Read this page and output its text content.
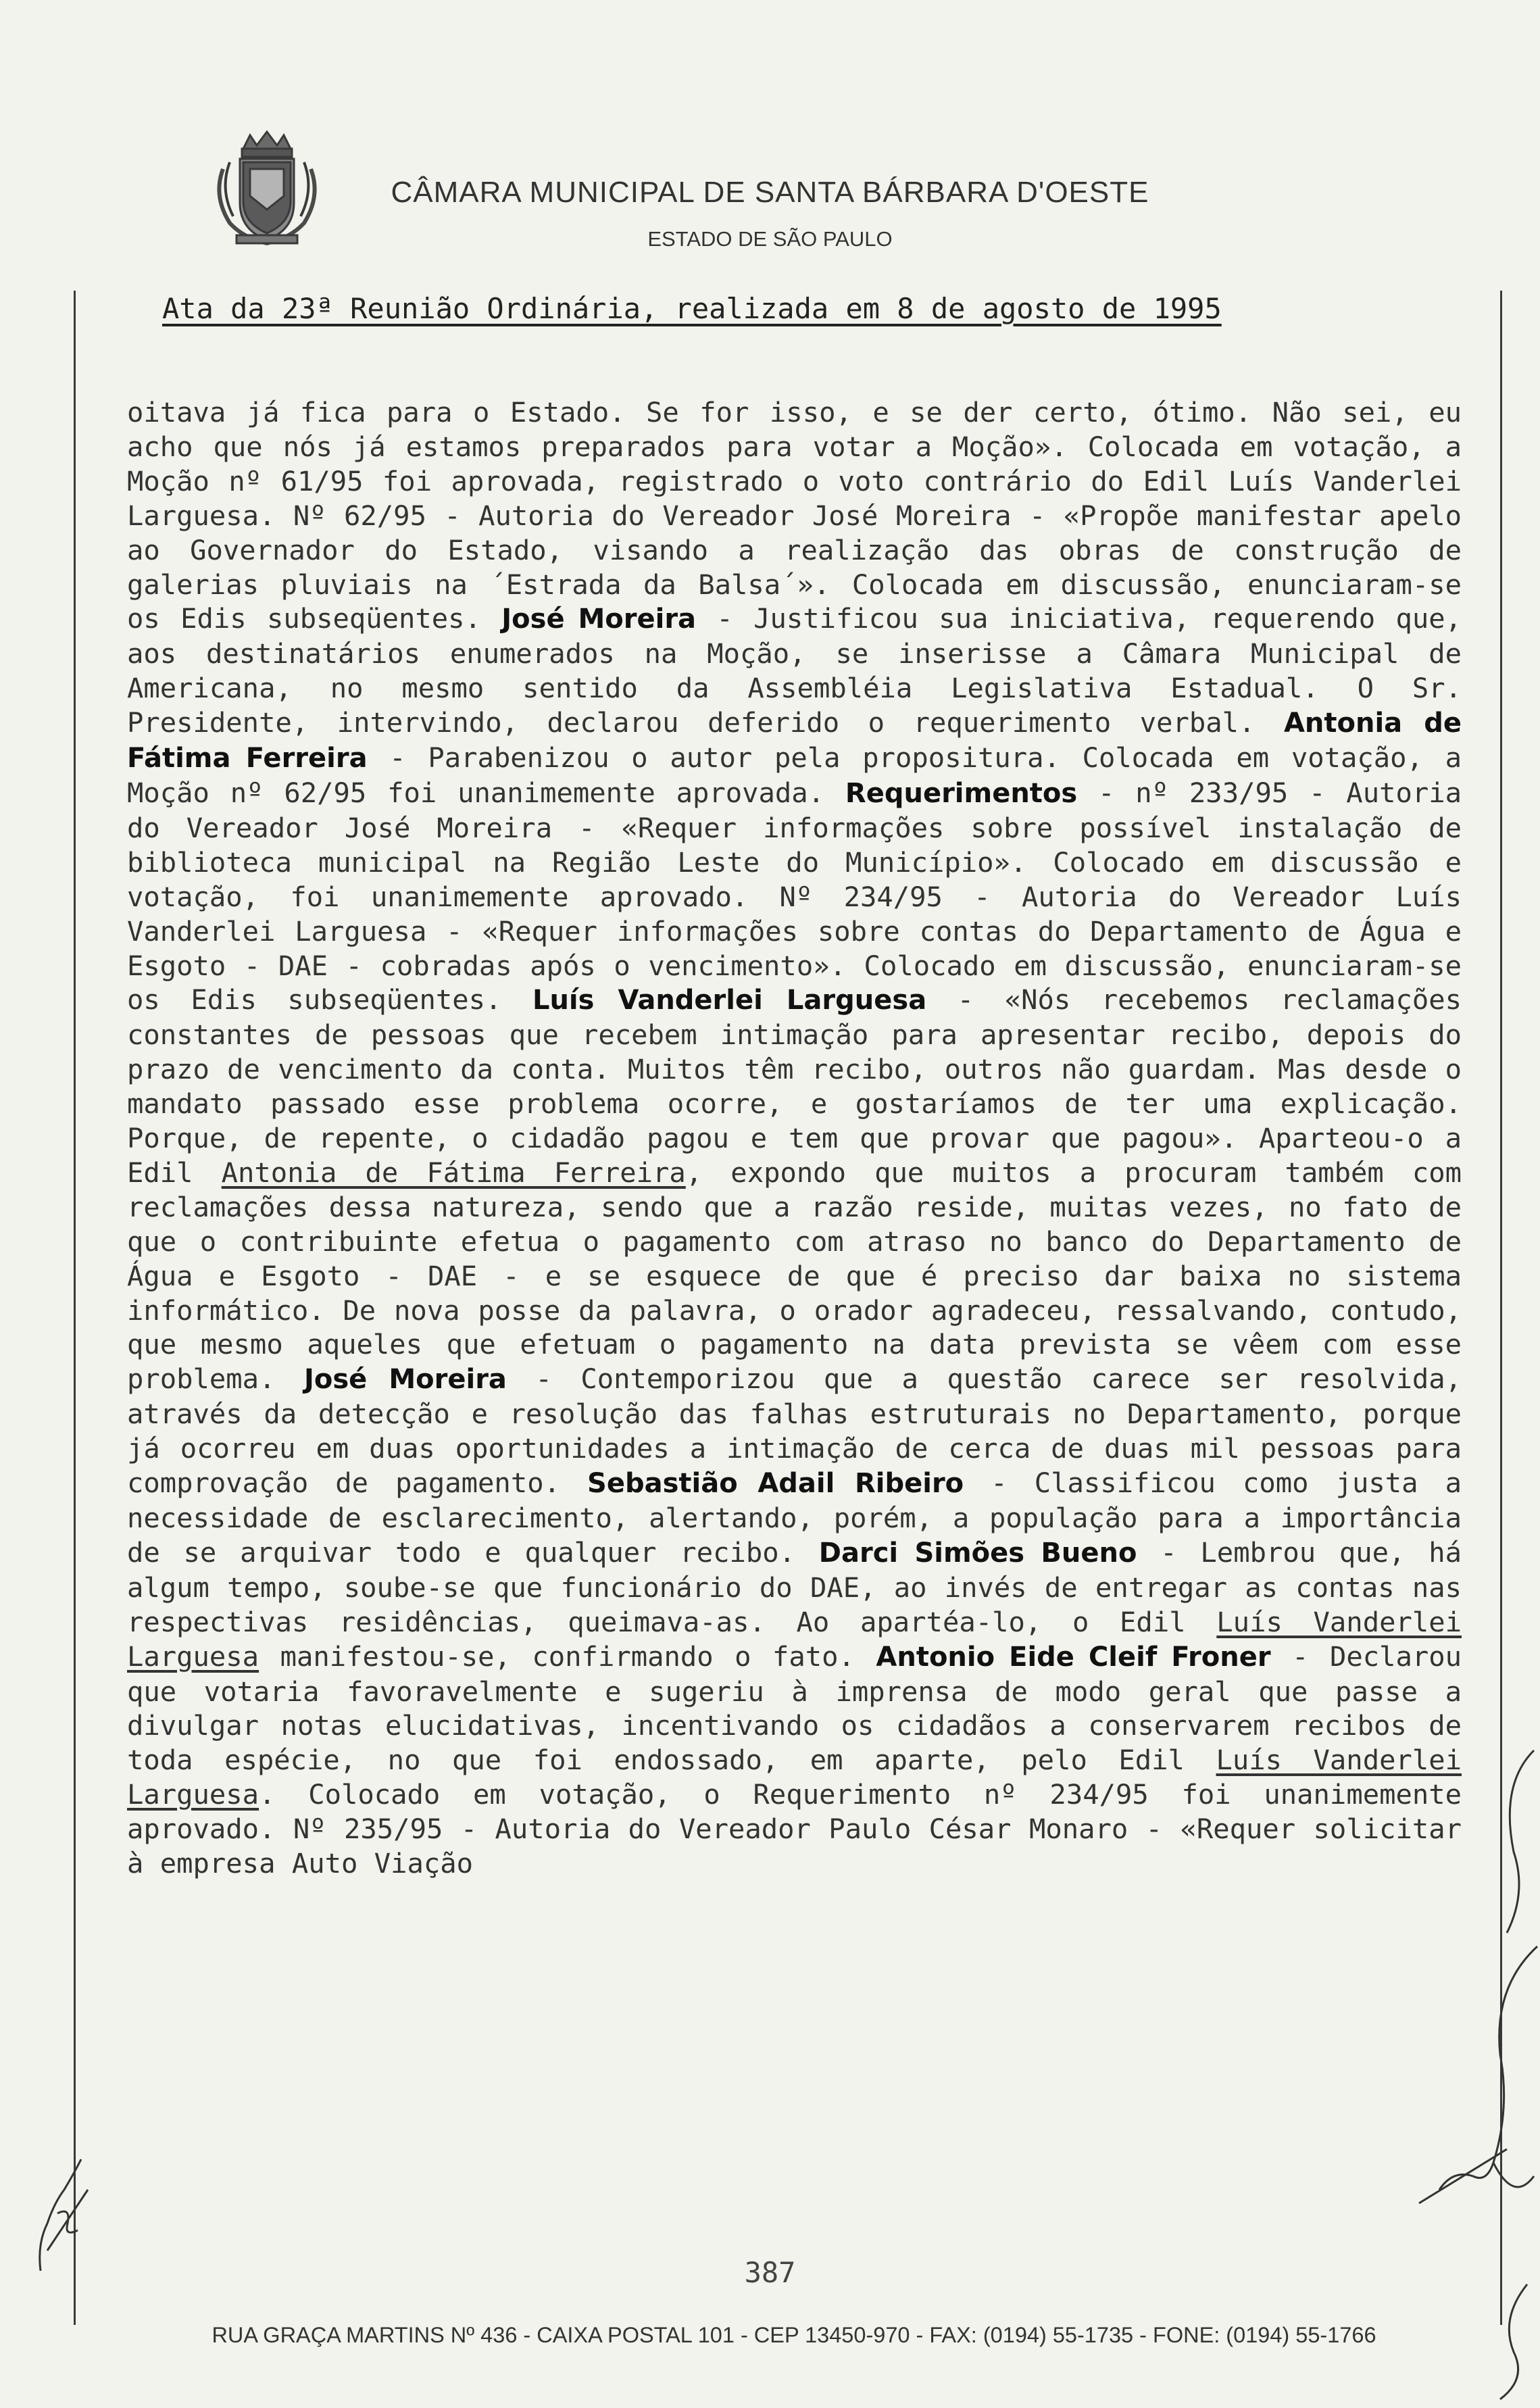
CÂMARA MUNICIPAL DE SANTA BÁRBARA D'OESTE
ESTADO DE SÃO PAULO
Ata da 23ª Reunião Ordinária, realizada em 8 de agosto de 1995

oitava já fica para o Estado. Se for isso, e se der certo, ótimo. Não sei, eu acho que nós já estamos preparados para votar a Moção». Colocada em votação, a Moção nº 61/95 foi aprovada, registrado o voto contrário do Edil Luís Vanderlei Larguesa. Nº 62/95 - Autoria do Vereador José Moreira - «Propõe manifestar apelo ao Governador do Estado, visando a realização das obras de construção de galerias pluviais na ´Estrada da Balsa´». Colocada em discussão, enunciaram-se os Edis subseqüentes. José Moreira - Justificou sua iniciativa, requerendo que, aos destinatários enumerados na Moção, se inserisse a Câmara Municipal de Americana, no mesmo sentido da Assembléia Legislativa Estadual. O Sr. Presidente, intervindo, declarou deferido o requerimento verbal. Antonia de Fátima Ferreira - Parabenizou o autor pela propositura. Colocada em votação, a Moção nº 62/95 foi unanimemente aprovada. Requerimentos - nº 233/95 - Autoria do Vereador José Moreira - «Requer informações sobre possível instalação de biblioteca municipal na Região Leste do Município». Colocado em discussão e votação, foi unanimemente aprovado. Nº 234/95 - Autoria do Vereador Luís Vanderlei Larguesa - «Requer informações sobre contas do Departamento de Água e Esgoto - DAE - cobradas após o vencimento». Colocado em discussão, enunciaram-se os Edis subseqüentes. Luís Vanderlei Larguesa - «Nós recebemos reclamações constantes de pessoas que recebem intimação para apresentar recibo, depois do prazo de vencimento da conta. Muitos têm recibo, outros não guardam. Mas desde o mandato passado esse problema ocorre, e gostaríamos de ter uma explicação. Porque, de repente, o cidadão pagou e tem que provar que pagou». Aparteou-o a Edil Antonia de Fátima Ferreira, expondo que muitos a procuram também com reclamações dessa natureza, sendo que a razão reside, muitas vezes, no fato de que o contribuinte efetua o pagamento com atraso no banco do Departamento de Água e Esgoto - DAE - e se esquece de que é preciso dar baixa no sistema informático. De nova posse da palavra, o orador agradeceu, ressalvando, contudo, que mesmo aqueles que efetuam o pagamento na data prevista se vêem com esse problema. José Moreira - Contemporizou que a questão carece ser resolvida, através da detecção e resolução das falhas estruturais no Departamento, porque já ocorreu em duas oportunidades a intimação de cerca de duas mil pessoas para comprovação de pagamento. Sebastião Adail Ribeiro - Classificou como justa a necessidade de esclarecimento, alertando, porém, a população para a importância de se arquivar todo e qualquer recibo. Darci Simões Bueno - Lembrou que, há algum tempo, soube-se que funcionário do DAE, ao invés de entregar as contas nas respectivas residências, queimava-as. Ao apartéa-lo, o Edil Luís Vanderlei Larguesa manifestou-se, confirmando o fato. Antonio Eide Cleif Froner - Declarou que votaria favoravelmente e sugeriu à imprensa de modo geral que passe a divulgar notas elucidativas, incentivando os cidadãos a conservarem recibos de toda espécie, no que foi endossado, em aparte, pelo Edil Luís Vanderlei Larguesa. Colocado em votação, o Requerimento nº 234/95 foi unanimemente aprovado. Nº 235/95 - Autoria do Vereador Paulo César Monaro - «Requer solicitar à empresa Auto Viação

387
RUA GRAÇA MARTINS Nº 436 - CAIXA POSTAL 101 - CEP 13450-970 - FAX: (0194) 55-1735 - FONE: (0194) 55-1766
